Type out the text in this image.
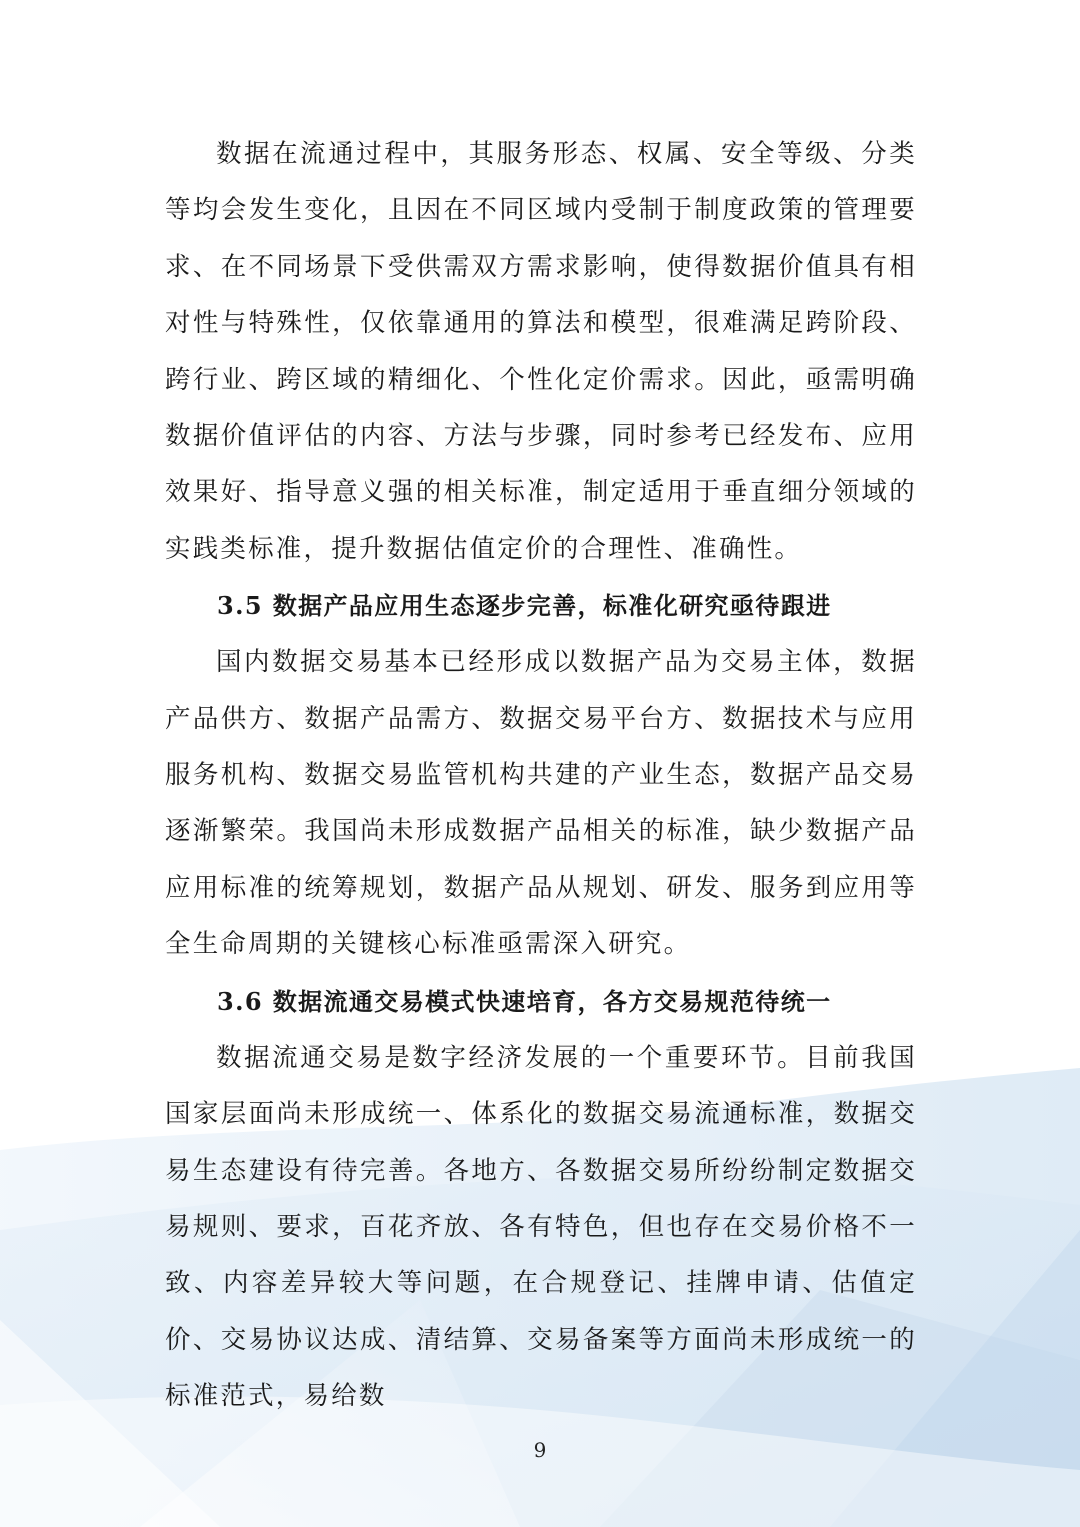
数据在流通过程中，其服务形态、权属、安全等级、分类等均会发生变化，且因在不同区域内受制于制度政策的管理要求、在不同场景下受供需双方需求影响，使得数据价值具有相对性与特殊性，仅依靠通用的算法和模型，很难满足跨阶段、跨行业、跨区域的精细化、个性化定价需求。因此，亟需明确数据价值评估的内容、方法与步骤，同时参考已经发布、应用效果好、指导意义强的相关标准，制定适用于垂直细分领域的实践类标准，提升数据估值定价的合理性、准确性。

3.5 数据产品应用生态逐步完善，标准化研究亟待跟进

国内数据交易基本已经形成以数据产品为交易主体，数据产品供方、数据产品需方、数据交易平台方、数据技术与应用服务机构、数据交易监管机构共建的产业生态，数据产品交易逐渐繁荣。我国尚未形成数据产品相关的标准，缺少数据产品应用标准的统筹规划，数据产品从规划、研发、服务到应用等全生命周期的关键核心标准亟需深入研究。

3.6 数据流通交易模式快速培育，各方交易规范待统一

数据流通交易是数字经济发展的一个重要环节。目前我国国家层面尚未形成统一、体系化的数据交易流通标准，数据交易生态建设有待完善。各地方、各数据交易所纷纷制定数据交易规则、要求，百花齐放、各有特色，但也存在交易价格不一致、内容差异较大等问题，在合规登记、挂牌申请、估值定价、交易协议达成、清结算、交易备案等方面尚未形成统一的标准范式，易给数

9
